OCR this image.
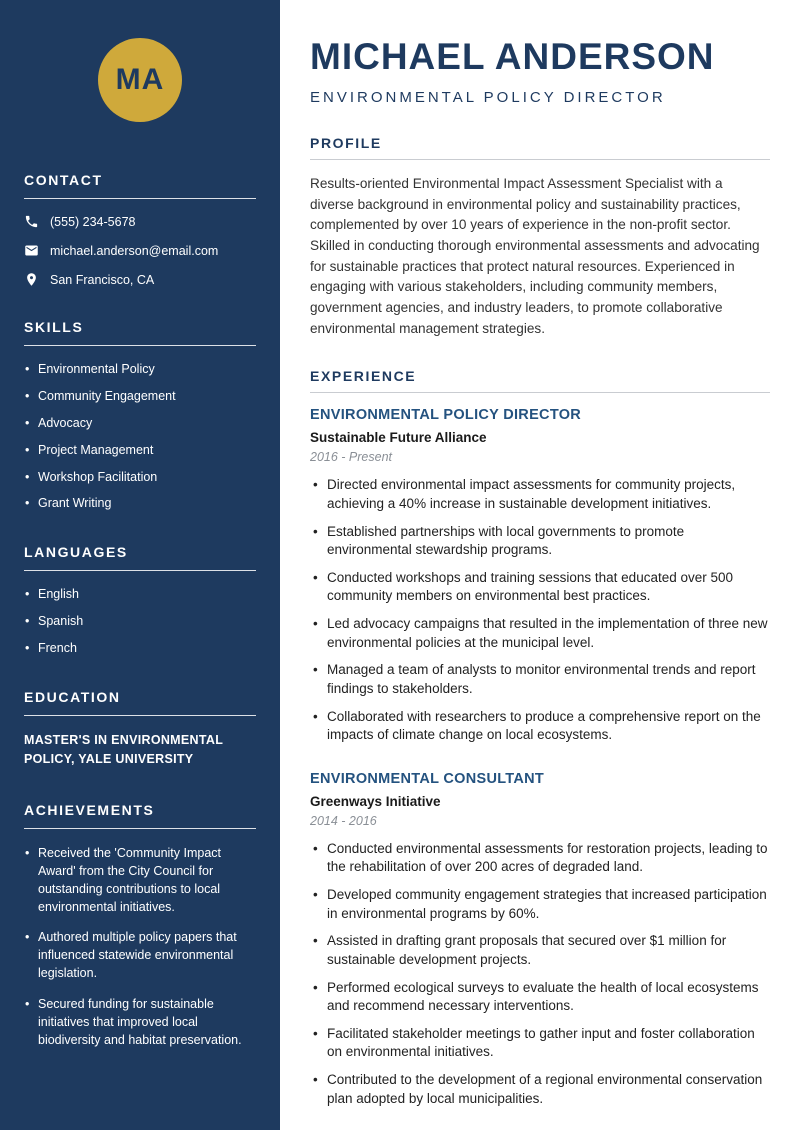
MA
CONTACT
(555) 234-5678
michael.anderson@email.com
San Francisco, CA
SKILLS
• Environmental Policy
• Community Engagement
• Advocacy
• Project Management
• Workshop Facilitation
• Grant Writing
LANGUAGES
• English
• Spanish
• French
EDUCATION
MASTER'S IN ENVIRONMENTAL POLICY, YALE UNIVERSITY
ACHIEVEMENTS
• Received the 'Community Impact Award' from the City Council for outstanding contributions to local environmental initiatives.
• Authored multiple policy papers that influenced statewide environmental legislation.
• Secured funding for sustainable initiatives that improved local biodiversity and habitat preservation.
MICHAEL ANDERSON
ENVIRONMENTAL POLICY DIRECTOR
PROFILE

Results-oriented Environmental Impact Assessment Specialist with a diverse background in environmental policy and sustainability practices, complemented by over 10 years of experience in the non-profit sector. Skilled in conducting thorough environmental assessments and advocating for sustainable practices that protect natural resources. Experienced in engaging with various stakeholders, including community members, government agencies, and industry leaders, to promote collaborative environmental management strategies.

EXPERIENCE
ENVIRONMENTAL POLICY DIRECTOR
Sustainable Future Alliance
2016 - Present
• Directed environmental impact assessments for community projects, achieving a 40% increase in sustainable development initiatives.
• Established partnerships with local governments to promote environmental stewardship programs.
• Conducted workshops and training sessions that educated over 500 community members on environmental best practices.
• Led advocacy campaigns that resulted in the implementation of three new environmental policies at the municipal level.
• Managed a team of analysts to monitor environmental trends and report findings to stakeholders.
• Collaborated with researchers to produce a comprehensive report on the impacts of climate change on local ecosystems.
ENVIRONMENTAL CONSULTANT
Greenways Initiative
2014 - 2016
• Conducted environmental assessments for restoration projects, leading to the rehabilitation of over 200 acres of degraded land.
• Developed community engagement strategies that increased participation in environmental programs by 60%.
• Assisted in drafting grant proposals that secured over $1 million for sustainable development projects.
• Performed ecological surveys to evaluate the health of local ecosystems and recommend necessary interventions.
• Facilitated stakeholder meetings to gather input and foster collaboration on environmental initiatives.
• Contributed to the development of a regional environmental conservation plan adopted by local municipalities.
